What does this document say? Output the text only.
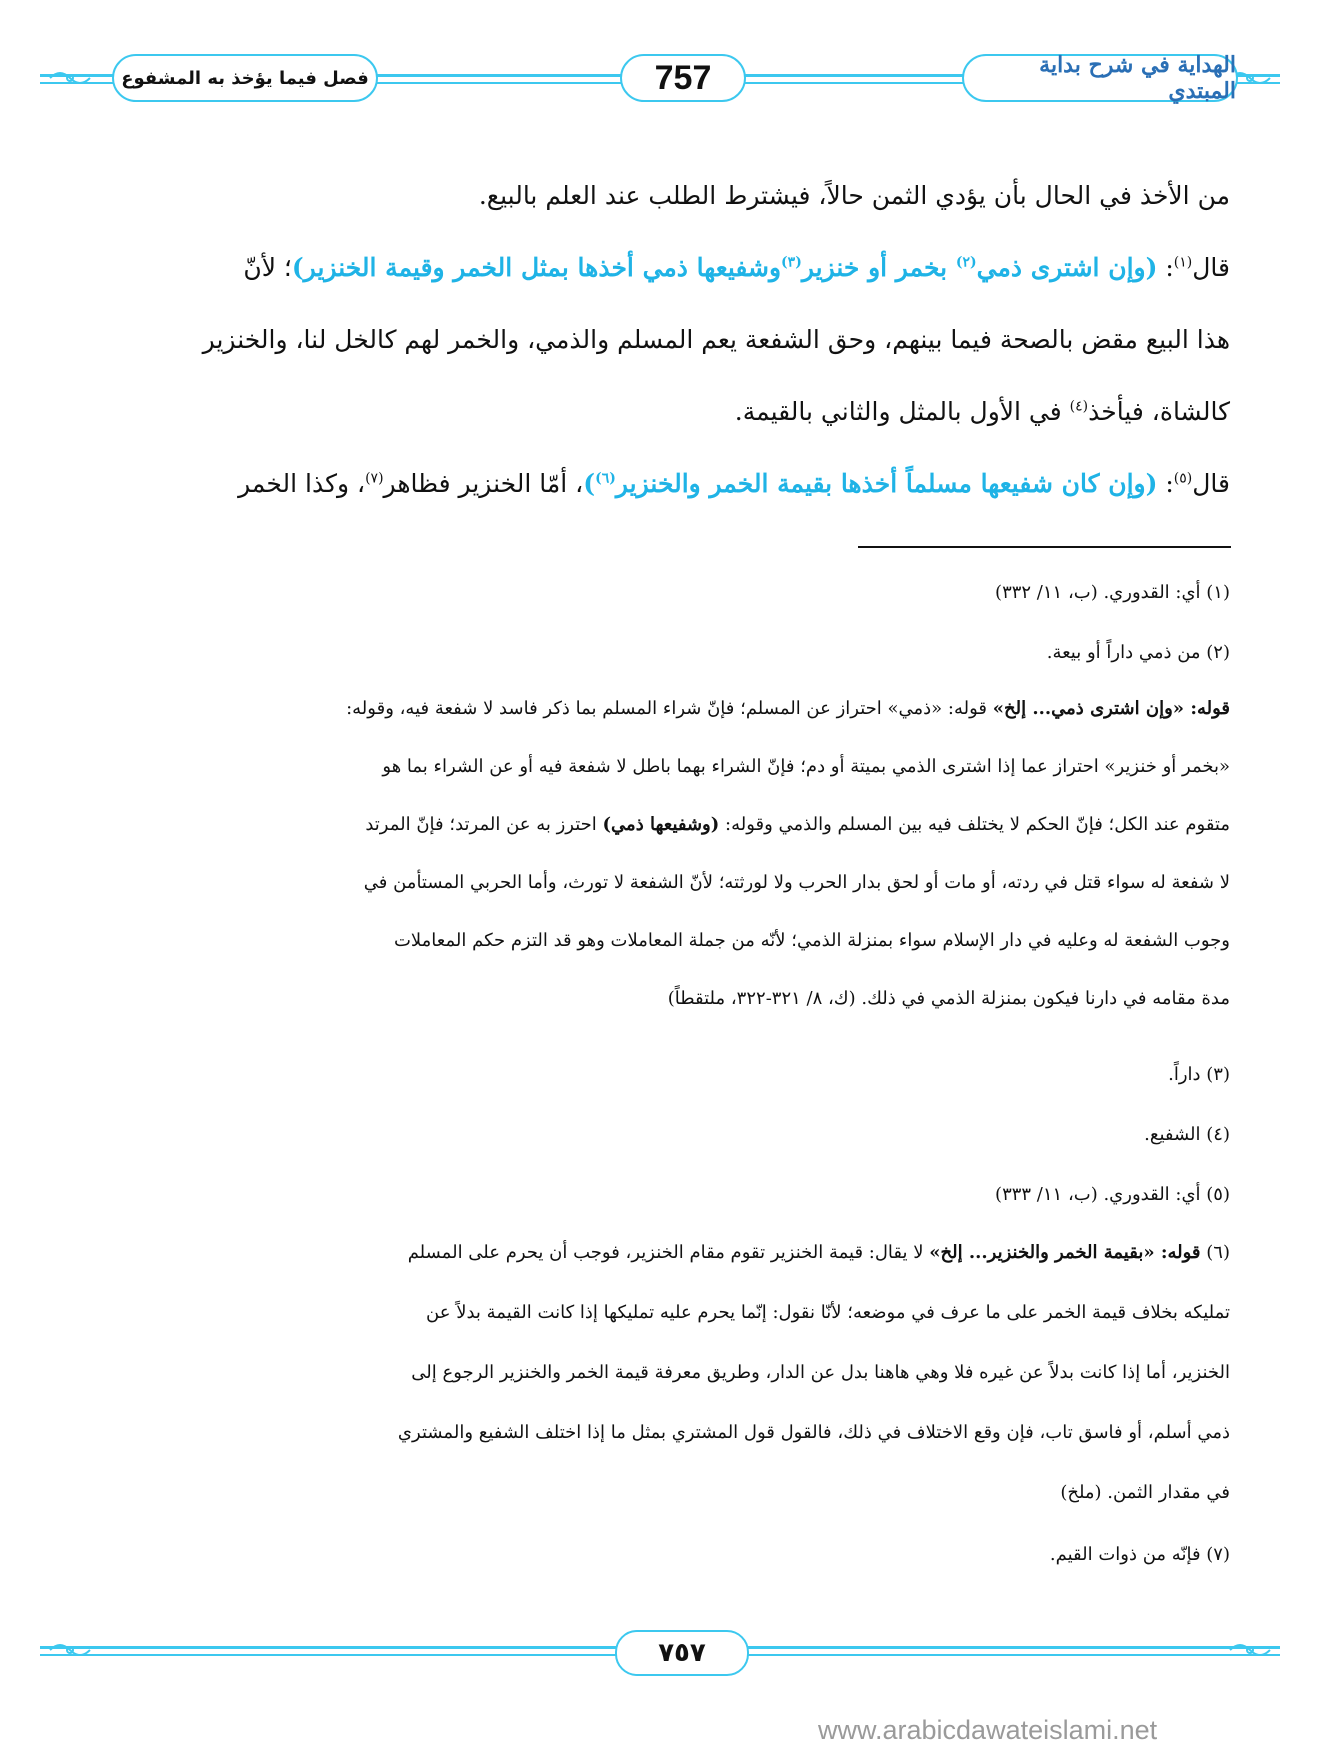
فصل فيما يؤخذ به المشفوع	757	الهداية في شرح بداية المبتدي
من الأخذ في الحال بأن يؤدي الثمن حالاً، فيشترط الطلب عند العلم بالبيع.
قال$^{(١)}$: (وإن اشترى ذمي$^{(٢)}$ بخمر أو خنزير$^{(٣)}$وشفيعها ذمي أخذها بمثل الخمر وقيمة الخنزير)؛ لأنّ
هذا البيع مقض بالصحة فيما بينهم، وحق الشفعة يعم المسلم والذمي، والخمر لهم كالخل لنا، والخنزير
كالشاة، فيأخذ$^{(٤)}$ في الأول بالمثل والثاني بالقيمة.
قال$^{(٥)}$: (وإن كان شفيعها مسلماً أخذها بقيمة الخمر والخنزير$^{(٦)}$)، أمّا الخنزير فظاهر$^{(٧)}$، وكذا الخمر
(١) أي: القدوري. (ب، ١١/ ٣٣٢)
(٢) من ذمي داراً أو بيعة.
قوله: «وإن اشترى ذمي... إلخ» قوله: «ذمي» احتراز عن المسلم؛ فإنّ شراء المسلم بما ذكر فاسد لا شفعة فيه، وقوله:
«بخمر أو خنزير» احتراز عما إذا اشترى الذمي بميتة أو دم؛ فإنّ الشراء بهما باطل لا شفعة فيه أو عن الشراء بما هو
متقوم عند الكل؛ فإنّ الحكم لا يختلف فيه بين المسلم والذمي وقوله: (وشفيعها ذمي) احترز به عن المرتد؛ فإنّ المرتد
لا شفعة له سواء قتل في ردته، أو مات أو لحق بدار الحرب ولا لورثته؛ لأنّ الشفعة لا تورث، وأما الحربي المستأمن في
وجوب الشفعة له وعليه في دار الإسلام سواء بمنزلة الذمي؛ لأنّه من جملة المعاملات وهو قد التزم حكم المعاملات
مدة مقامه في دارنا فيكون بمنزلة الذمي في ذلك. (ك، ٨/ ٣٢١-٣٢٢، ملتقطاً)
(٣) داراً.
(٤) الشفيع.
(٥) أي: القدوري. (ب، ١١/ ٣٣٣)
(٦) قوله: «بقيمة الخمر والخنزير... إلخ» لا يقال: قيمة الخنزير تقوم مقام الخنزير، فوجب أن يحرم على المسلم
تمليكه بخلاف قيمة الخمر على ما عرف في موضعه؛ لأنّا نقول: إنّما يحرم عليه تمليكها إذا كانت القيمة بدلاً عن
الخنزير، أما إذا كانت بدلاً عن غيره فلا وهي هاهنا بدل عن الدار، وطريق معرفة قيمة الخمر والخنزير الرجوع إلى
ذمي أسلم، أو فاسق تاب، فإن وقع الاختلاف في ذلك، فالقول قول المشتري بمثل ما إذا اختلف الشفيع والمشتري
في مقدار الثمن. (ملخ)
(٧) فإنّه من ذوات القيم.
٧٥٧
www.arabicdawateislami.net
